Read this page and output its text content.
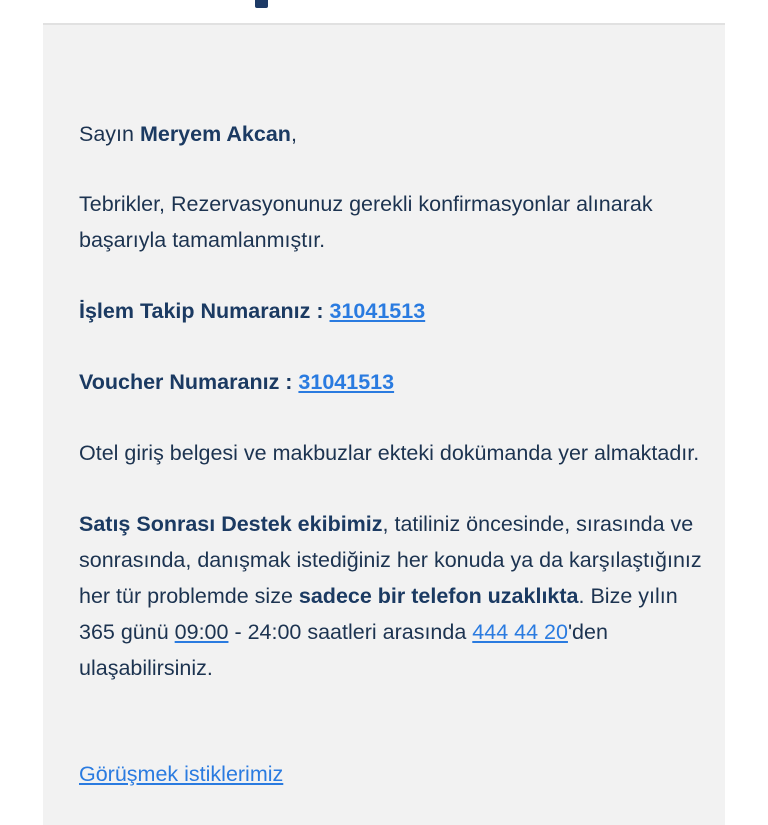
Sayın Meryem Akcan,

Tebrikler, Rezervasyonunuz gerekli konfirmasyonlar alınarak başarıyla tamamlanmıştır.

İşlem Takip Numaranız : 31041513

Voucher Numaranız : 31041513

Otel giriş belgesi ve makbuzlar ekteki dokümanda yer almaktadır.

Satış Sonrası Destek ekibimiz, tatiliniz öncesinde, sırasında ve sonrasında, danışmak istediğiniz her konuda ya da karşılaştığınız her tür problemde size sadece bir telefon uzaklıkta. Bize yılın 365 günü 09:00 - 24:00 saatleri arasında 444 44 20'den ulaşabilirsiniz.

Görüşmek istiklerimiz
